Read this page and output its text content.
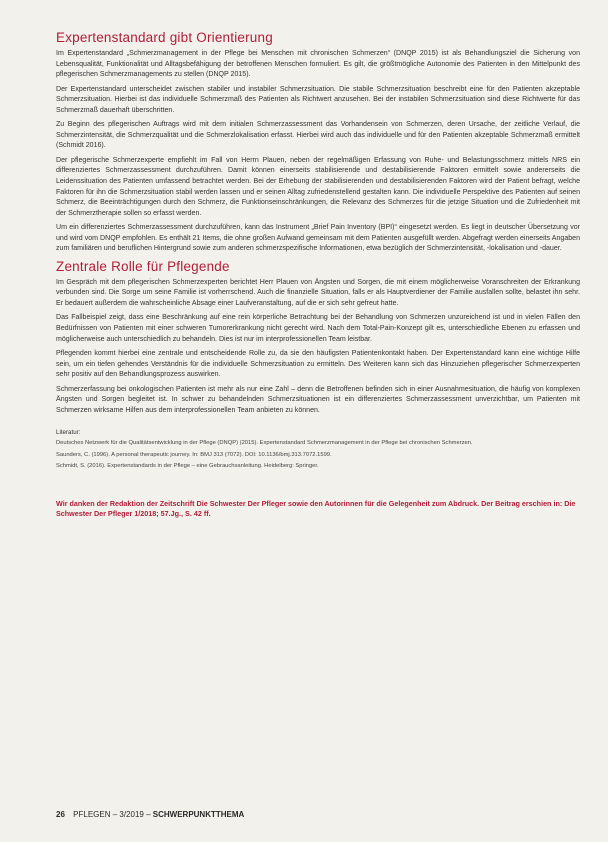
Expertenstandard gibt Orientierung

Im Expertenstandard „Schmerzmanagement in der Pflege bei Menschen mit chronischen Schmerzen“ (DNQP 2015) ist als Behandlungsziel die Sicherung von Lebensqualität, Funktionalität und Alltagsbefähigung der betroffenen Menschen formuliert. Es gilt, die größtmögliche Autonomie des Patienten in den Mittelpunkt des pflegerischen Schmerzmanagements zu stellen (DNQP 2015).

Der Expertenstandard unterscheidet zwischen stabiler und instabiler Schmerzsituation. Die stabile Schmerzsituation beschreibt eine für den Patienten akzeptable Schmerzsituation. Hierbei ist das individuelle Schmerzmaß des Patienten als Richtwert anzusehen. Bei der instabilen Schmerzsituation sind diese Richtwerte für das Schmerzmaß dauerhaft überschritten.

Zu Beginn des pflegerischen Auftrags wird mit dem initialen Schmerzassessment das Vorhandensein von Schmerzen, deren Ursache, der zeitliche Verlauf, die Schmerzintensität, die Schmerzqualität und die Schmerzlokalisation erfasst. Hierbei wird auch das individuelle und für den Patienten akzeptable Schmerzmaß ermittelt (Schmidt 2016).

Der pflegerische Schmerzexperte empfiehlt im Fall von Herrn Plauen, neben der regelmäßigen Erfassung von Ruhe- und Belastungsschmerz mittels NRS ein differenziertes Schmerzassessment durchzuführen. Damit können einerseits stabilisierende und destabilisierende Faktoren ermittelt sowie andererseits die Leidenssituation des Patienten umfassend betrachtet werden. Bei der Erhebung der stabilisierenden und destabilisierenden Faktoren wird der Patient befragt, welche Faktoren für ihn die Schmerzsituation stabil werden lassen und er seinen Alltag zufriedenstellend gestalten kann. Die individuelle Perspektive des Patienten auf seinen Schmerz, die Beeinträchtigungen durch den Schmerz, die Funktionseinschränkungen, die Relevanz des Schmerzes für die jetzige Situation und die Zufriedenheit mit der Schmerztherapie sollen so erfasst werden.

Um ein differenziertes Schmerzassessment durchzuführen, kann das Instrument „Brief Pain Inventory (BPI)“ eingesetzt werden. Es liegt in deutscher Übersetzung vor und wird vom DNQP empfohlen. Es enthält 21 Items, die ohne großen Aufwand gemeinsam mit dem Patienten ausgefüllt werden. Abgefragt werden einerseits Angaben zum familiären und beruflichen Hintergrund sowie zum anderen schmerzspezifische Informationen, etwa bezüglich der Schmerzintensität, -lokalisation und -dauer.

Zentrale Rolle für Pflegende

Im Gespräch mit dem pflegerischen Schmerzexperten berichtet Herr Plauen von Ängsten und Sorgen, die mit einem möglicherweise Voranschreiten der Erkrankung verbunden sind. Die Sorge um seine Familie ist vorherrschend. Auch die finanzielle Situation, falls er als Hauptverdiener der Familie ausfallen sollte, belastet ihn sehr. Er bedauert außerdem die wahrscheinliche Absage einer Laufveranstaltung, auf die er sich sehr gefreut hatte.

Das Fallbeispiel zeigt, dass eine Beschränkung auf eine rein körperliche Betrachtung bei der Behandlung von Schmerzen unzureichend ist und in vielen Fällen den Bedürfnissen von Patienten mit einer schweren Tumorerkrankung nicht gerecht wird. Nach dem Total-Pain-Konzept gilt es, unterschiedliche Ebenen zu erfassen und möglicherweise auch unterschiedlich zu behandeln. Dies ist nur im interprofessionellen Team leistbar.

Pflegenden kommt hierbei eine zentrale und entscheidende Rolle zu, da sie den häufigsten Patientenkontakt haben. Der Expertenstandard kann eine wichtige Hilfe sein, um ein tiefen gehendes Verständnis für die individuelle Schmerzsituation zu ermitteln. Des Weiteren kann sich das Hinzuziehen pflegerischer Schmerzexperten sehr positiv auf den Behandlungsprozess auswirken.

Schmerzerfassung bei onkologischen Patienten ist mehr als nur eine Zahl – denn die Betroffenen befinden sich in einer Ausnahmesituation, die häufig von komplexen Ängsten und Sorgen begleitet ist. In schwer zu behandelnden Schmerzsituationen ist ein differenziertes Schmerzassessment unverzichtbar, um Patienten mit Schmerzen wirksame Hilfen aus dem interprofessionellen Team anbieten zu können.

Literatur:

Deutsches Netzwerk für die Qualitätsentwicklung in der Pflege (DNQP) (2015). Expertenstandard Schmerzmanagement in der Pflege bei chronischen Schmerzen.

Saunders, C. (1996). A personal therapeutic journey. In: BMJ 313 (7072). DOI: 10.1136/bmj.313.7072.1599.

Schmidt, S. (2016). Expertenstandards in der Pflege – eine Gebrauchsanleitung. Heidelberg: Springer.

Wir danken der Redaktion der Zeitschrift Die Schwester Der Pfleger sowie den Autorinnen für die Gelegenheit zum Abdruck. Der Beitrag erschien in: Die Schwester Der Pfleger 1/2018; 57.Jg., S. 42 ff.
26 PFLEGEN – 3/2019 – SCHWERPUNKTTHEMA
